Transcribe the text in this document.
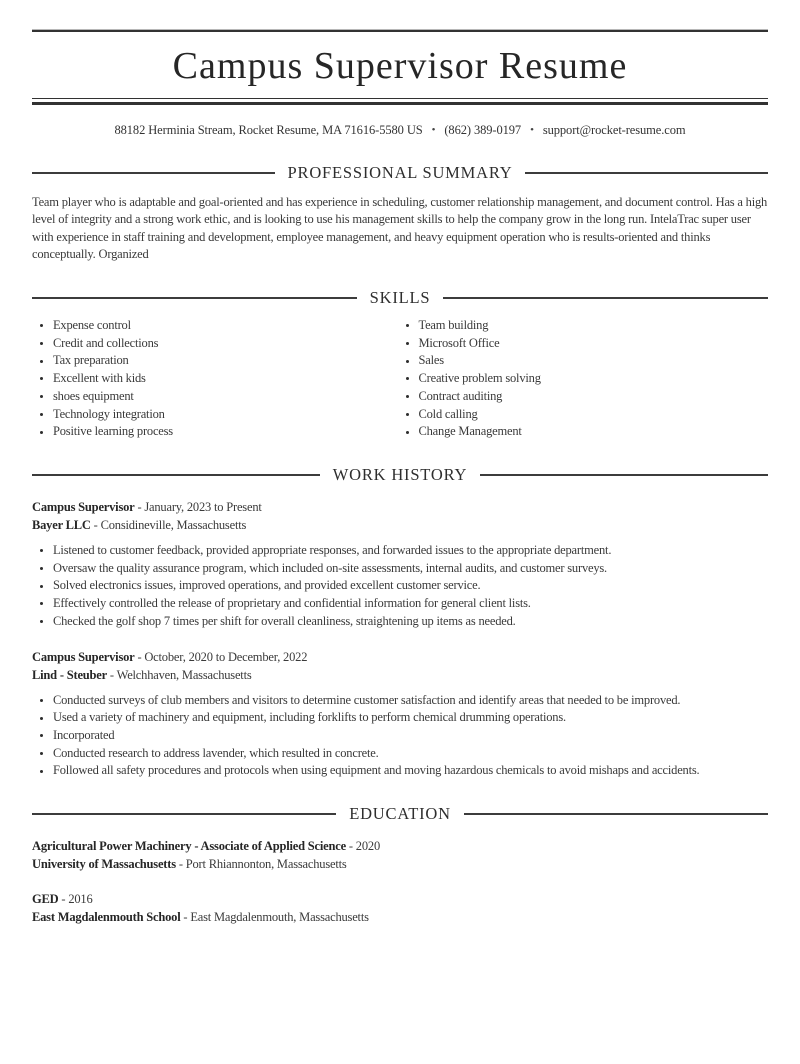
Campus Supervisor Resume
88182 Herminia Stream, Rocket Resume, MA 71616-5580 US • (862) 389-0197 • support@rocket-resume.com
PROFESSIONAL SUMMARY

Team player who is adaptable and goal-oriented and has experience in scheduling, customer relationship management, and document control. Has a high level of integrity and a strong work ethic, and is looking to use his management skills to help the company grow in the long run. IntelaTrac super user with experience in staff training and development, employee management, and heavy equipment operation who is results-oriented and thinks conceptually. Organized

SKILLS
Expense control
Credit and collections
Tax preparation
Excellent with kids
shoes equipment
Technology integration
Positive learning process
Team building
Microsoft Office
Sales
Creative problem solving
Contract auditing
Cold calling
Change Management
WORK HISTORY
Campus Supervisor - January, 2023 to Present
Bayer LLC - Considineville, Massachusetts
Listened to customer feedback, provided appropriate responses, and forwarded issues to the appropriate department.
Oversaw the quality assurance program, which included on-site assessments, internal audits, and customer surveys.
Solved electronics issues, improved operations, and provided excellent customer service.
Effectively controlled the release of proprietary and confidential information for general client lists.
Checked the golf shop 7 times per shift for overall cleanliness, straightening up items as needed.
Campus Supervisor - October, 2020 to December, 2022
Lind - Steuber - Welchhaven, Massachusetts
Conducted surveys of club members and visitors to determine customer satisfaction and identify areas that needed to be improved.
Used a variety of machinery and equipment, including forklifts to perform chemical drumming operations.
Incorporated
Conducted research to address lavender, which resulted in concrete.
Followed all safety procedures and protocols when using equipment and moving hazardous chemicals to avoid mishaps and accidents.
EDUCATION
Agricultural Power Machinery - Associate of Applied Science - 2020
University of Massachusetts - Port Rhiannonton, Massachusetts
GED - 2016
East Magdalenmouth School - East Magdalenmouth, Massachusetts
